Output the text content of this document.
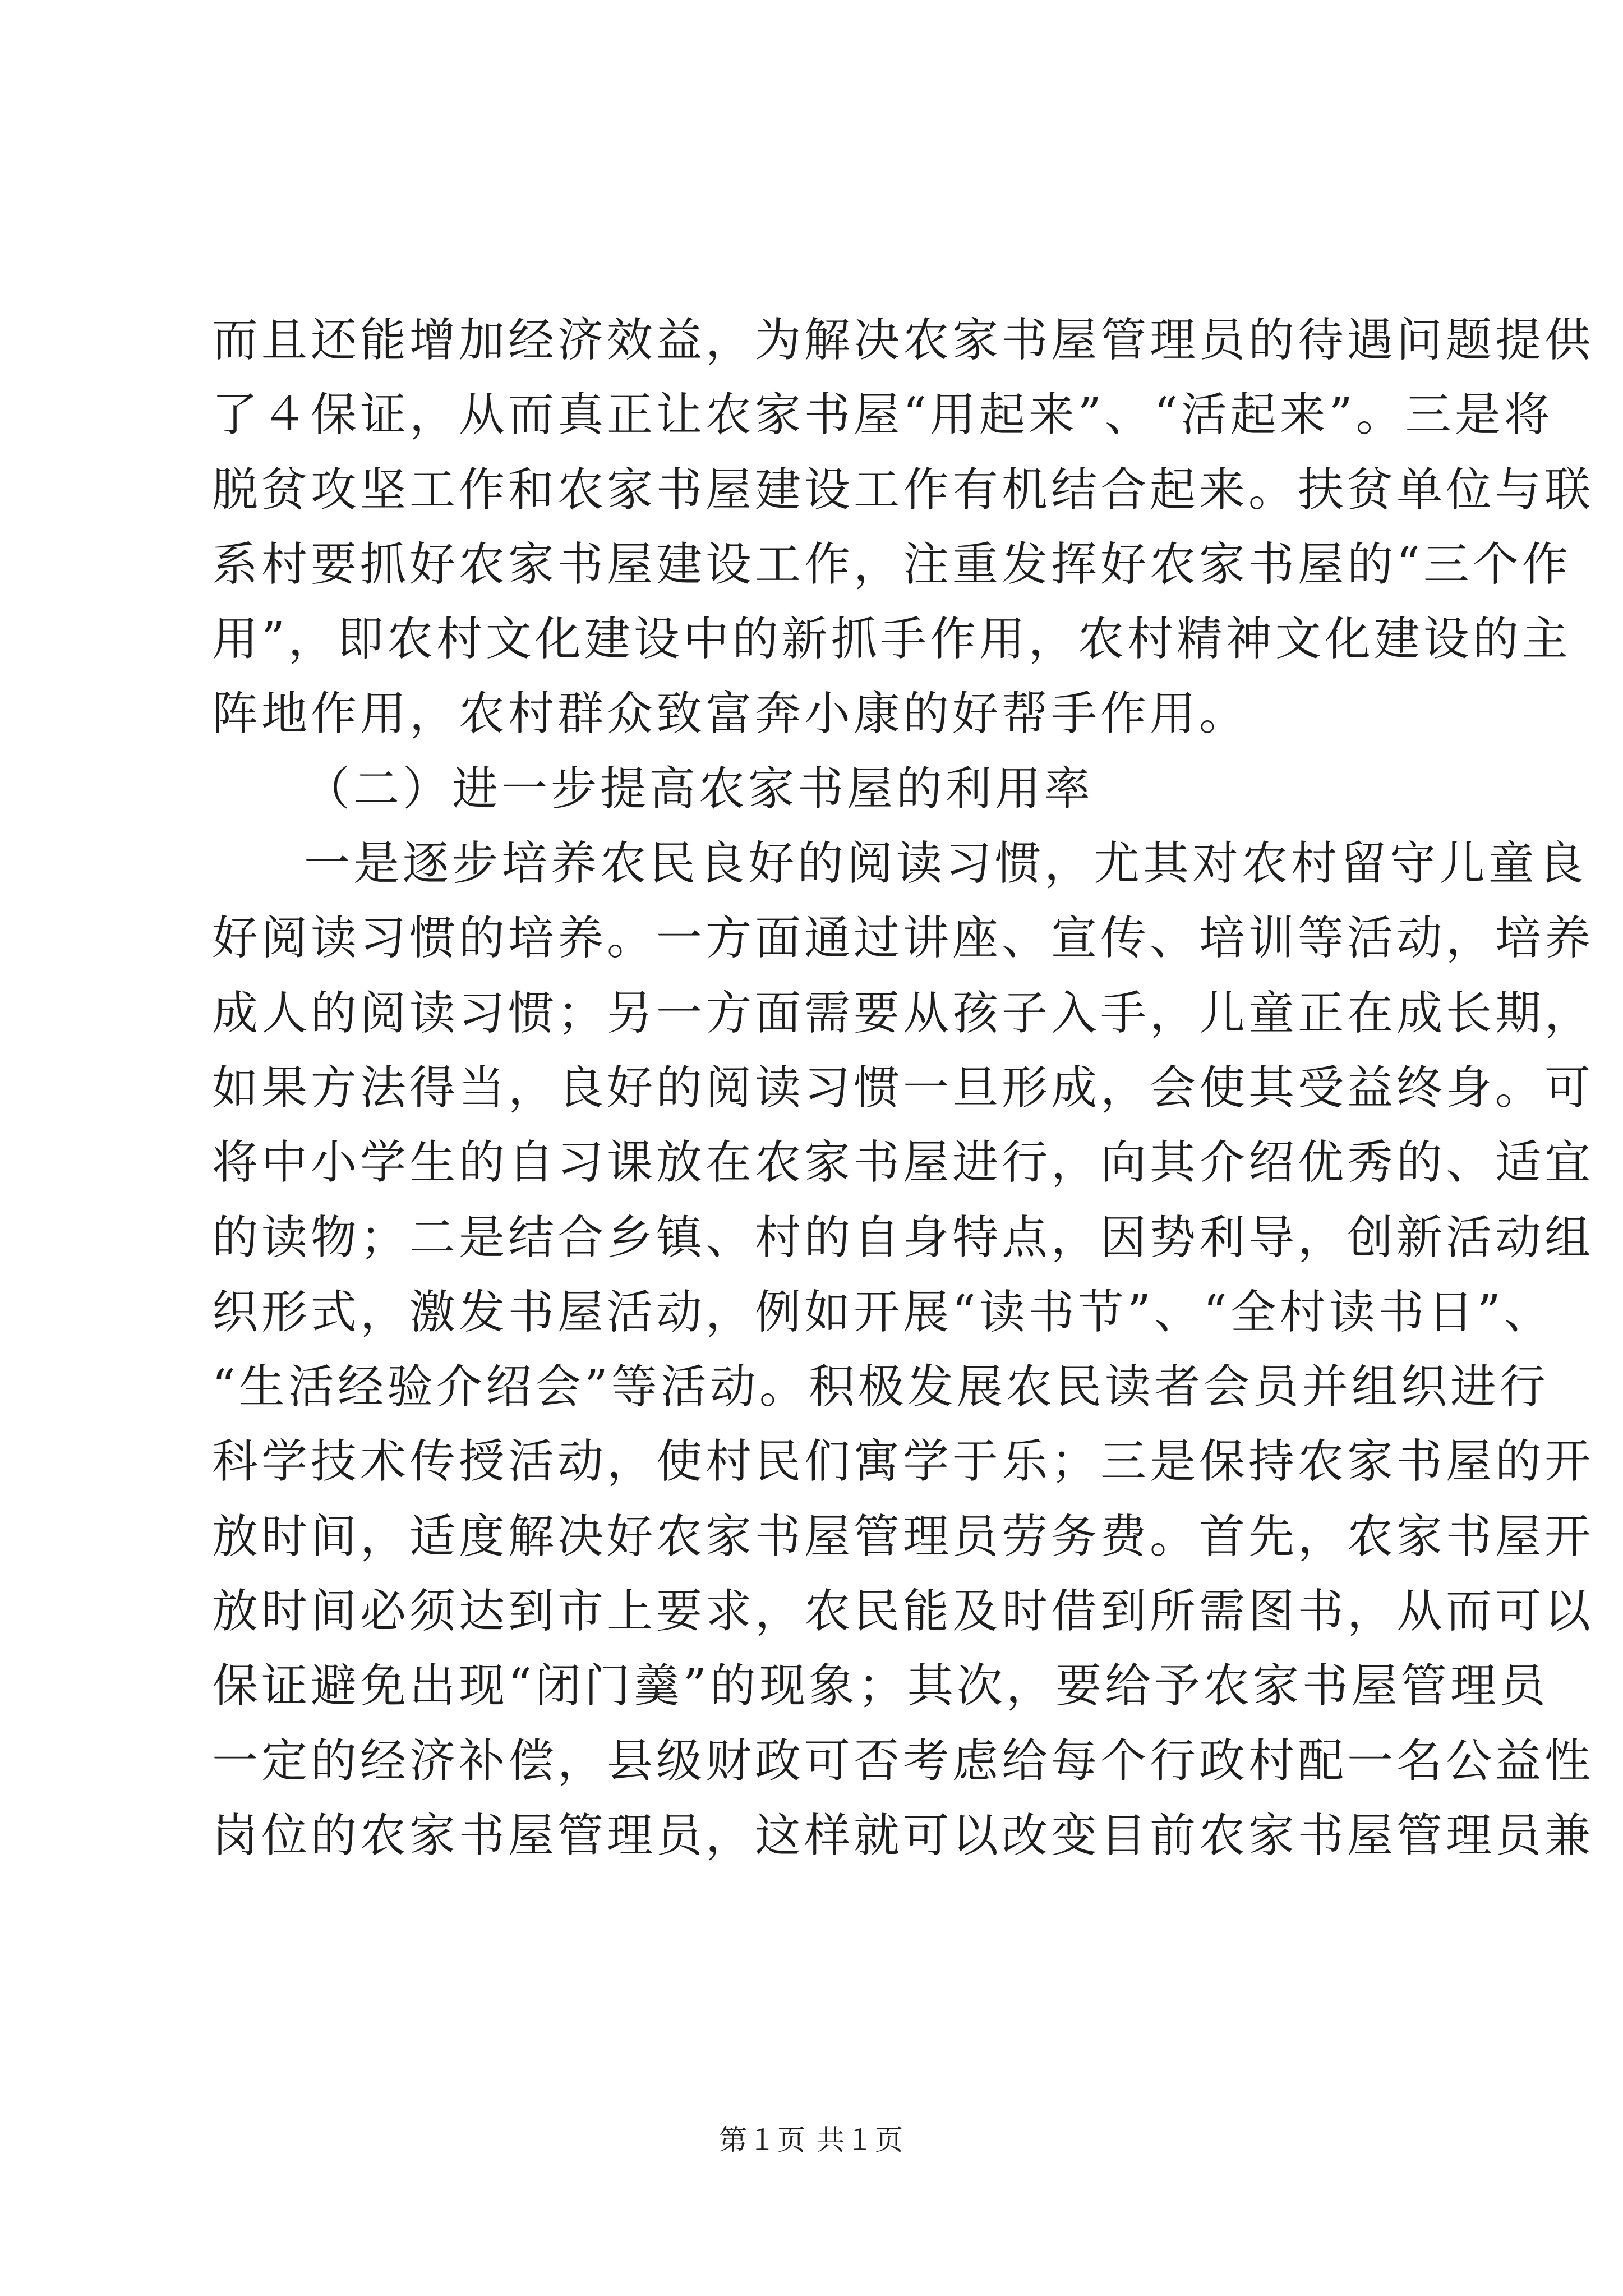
而且还能增加经济效益，为解决农家书屋管理员的待遇问题提供
了４保证，从而真正让农家书屋“用起来”、“活起来”。三是将
脱贫攻坚工作和农家书屋建设工作有机结合起来。扶贫单位与联
系村要抓好农家书屋建设工作，注重发挥好农家书屋的“三个作
用”，即农村文化建设中的新抓手作用，农村精神文化建设的主
阵地作用，农村群众致富奔小康的好帮手作用。
（二）进一步提高农家书屋的利用率
一是逐步培养农民良好的阅读习惯，尤其对农村留守儿童良
好阅读习惯的培养。一方面通过讲座、宣传、培训等活动，培养
成人的阅读习惯；另一方面需要从孩子入手，儿童正在成长期，
如果方法得当，良好的阅读习惯一旦形成，会使其受益终身。可
将中小学生的自习课放在农家书屋进行，向其介绍优秀的、适宜
的读物；二是结合乡镇、村的自身特点，因势利导，创新活动组
织形式，激发书屋活动，例如开展“读书节”、“全村读书日”、
“生活经验介绍会”等活动。积极发展农民读者会员并组织进行
科学技术传授活动，使村民们寓学于乐；三是保持农家书屋的开
放时间，适度解决好农家书屋管理员劳务费。首先，农家书屋开
放时间必须达到市上要求，农民能及时借到所需图书，从而可以
保证避免出现“闭门羹”的现象；其次，要给予农家书屋管理员
一定的经济补偿，县级财政可否考虑给每个行政村配一名公益性
岗位的农家书屋管理员，这样就可以改变目前农家书屋管理员兼
第１页 共１页
